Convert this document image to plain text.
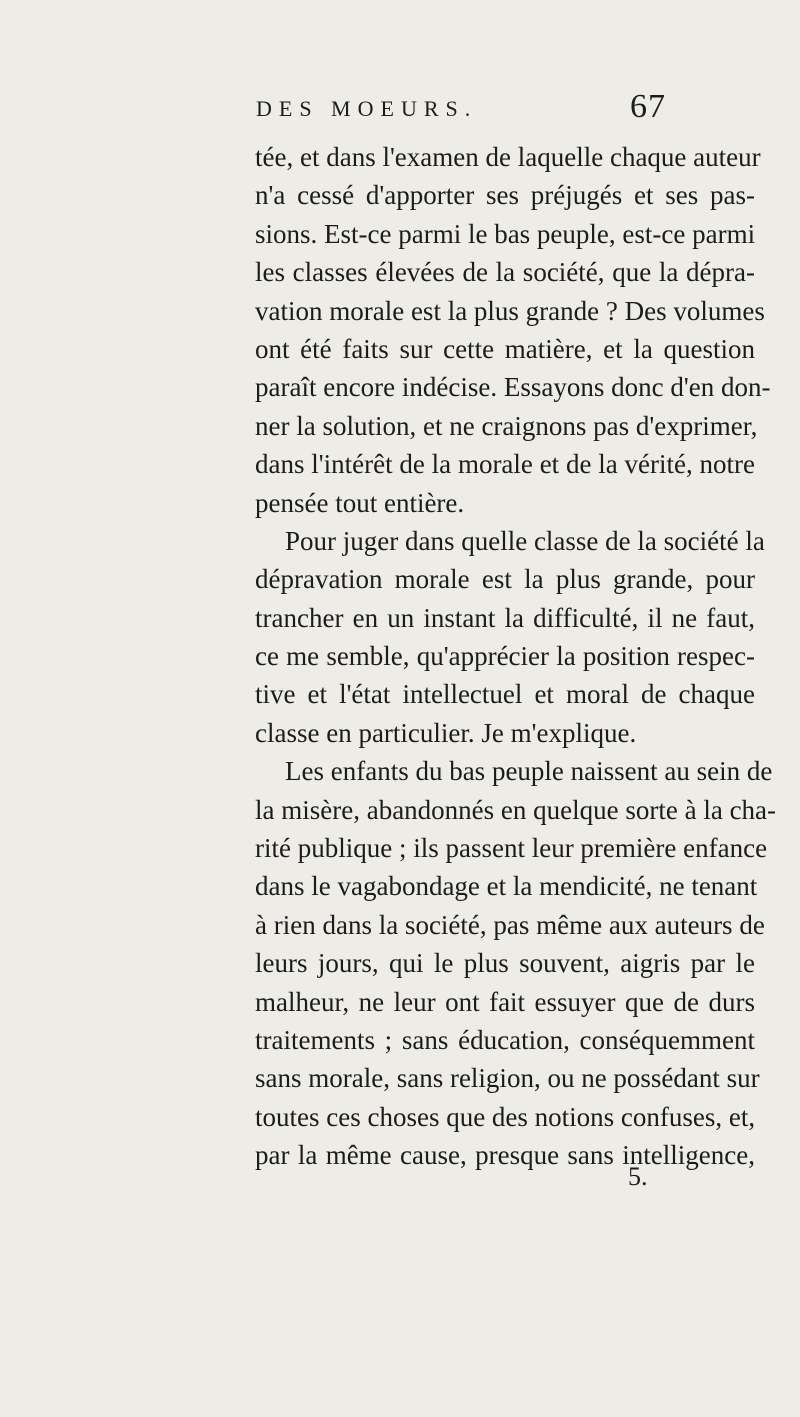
DES MOEURS.	67
tée, et dans l'examen de laquelle chaque auteur
n'a cessé d'apporter ses préjugés et ses pas-
sions. Est-ce parmi le bas peuple, est-ce parmi
les classes élevées de la société, que la dépra-
vation morale est la plus grande ? Des volumes
ont été faits sur cette matière, et la question
paraît encore indécise. Essayons donc d'en don-
ner la solution, et ne craignons pas d'exprimer,
dans l'intérêt de la morale et de la vérité, notre
pensée tout entière.
Pour juger dans quelle classe de la société la
dépravation morale est la plus grande, pour
trancher en un instant la difficulté, il ne faut,
ce me semble, qu'apprécier la position respec-
tive et l'état intellectuel et moral de chaque
classe en particulier. Je m'explique.
Les enfants du bas peuple naissent au sein de
la misère, abandonnés en quelque sorte à la cha-
rité publique ; ils passent leur première enfance
dans le vagabondage et la mendicité, ne tenant
à rien dans la société, pas même aux auteurs de
leurs jours, qui le plus souvent, aigris par le
malheur, ne leur ont fait essuyer que de durs
traitements ; sans éducation, conséquemment
sans morale, sans religion, ou ne possédant sur
toutes ces choses que des notions confuses, et,
par la même cause, presque sans intelligence,
5.
